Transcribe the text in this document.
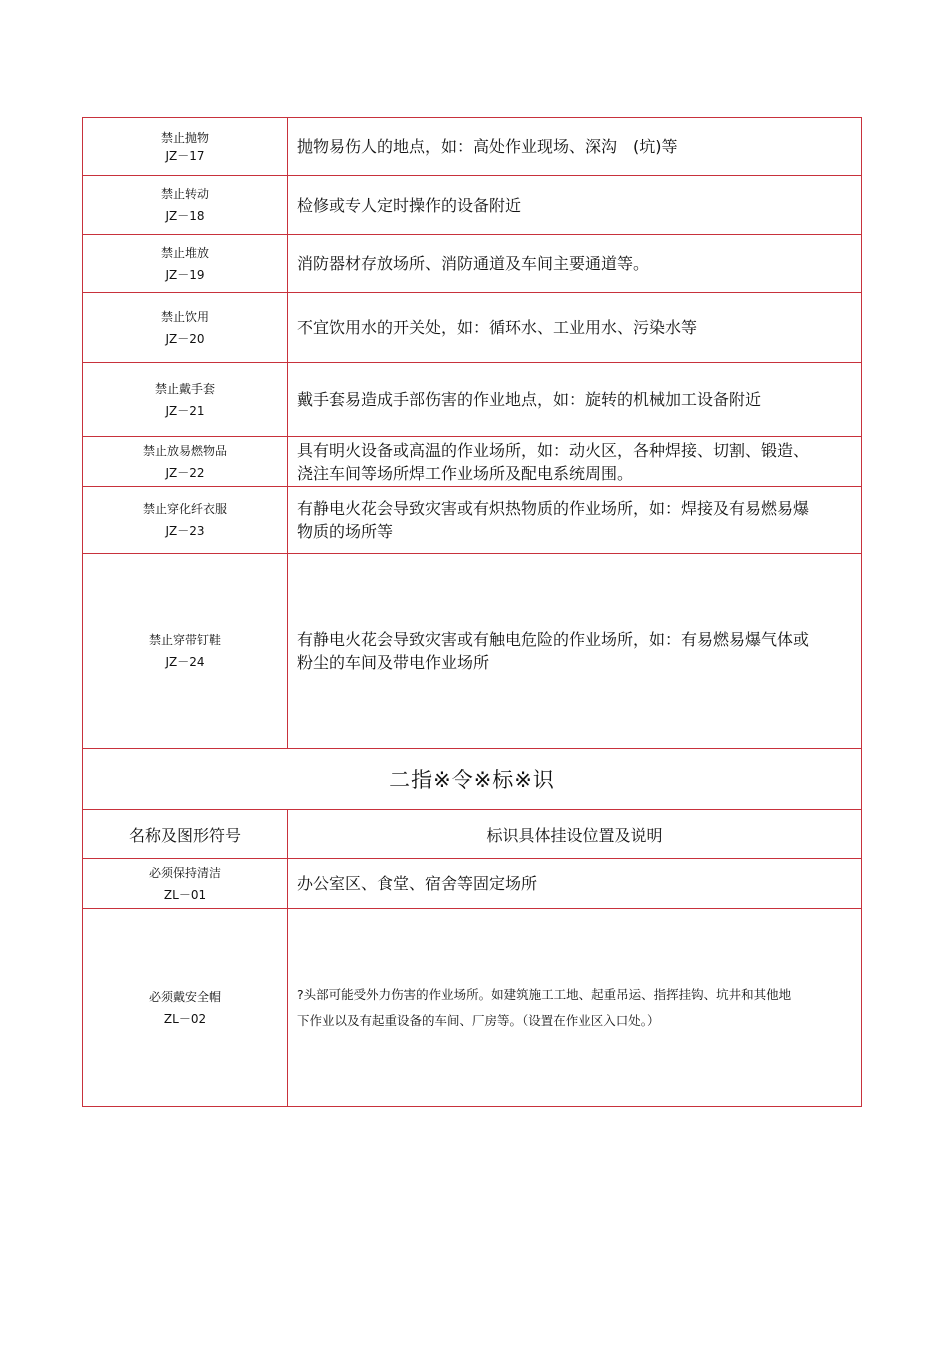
禁止抛物
JZ－17	抛物易伤人的地点，如：高处作业现场、深沟　(坑)等

禁止转动
JZ－18	检修或专人定时操作的设备附近

禁止堆放
JZ－19	消防器材存放场所、消防通道及车间主要通道等。

禁止饮用
JZ－20	不宜饮用水的开关处，如：循环水、工业用水、污染水等

禁止戴手套
JZ－21	戴手套易造成手部伤害的作业地点，如：旋转的机械加工设备附近

禁止放易燃物品
JZ－22	具有明火设备或高温的作业场所，如：动火区，各种焊接、切割、锻造、浇注车间等场所焊工作业场所及配电系统周围。

禁止穿化纤衣服
JZ－23	有静电火花会导致灾害或有炽热物质的作业场所，如：焊接及有易燃易爆物质的场所等

禁止穿带钉鞋
JZ－24	有静电火花会导致灾害或有触电危险的作业场所，如：有易燃易爆气体或粉尘的车间及带电作业场所

二指※令※标※识	
名称及图形符号	标识具体挂设位置及说明

必须保持清洁
ZL－01	办公室区、食堂、宿舍等固定场所

必须戴安全帽
ZL－02	?头部可能受外力伤害的作业场所。如建筑施工工地、起重吊运、指挥挂钩、坑井和其他地下作业以及有起重设备的车间、厂房等。（设置在作业区入口处。）
